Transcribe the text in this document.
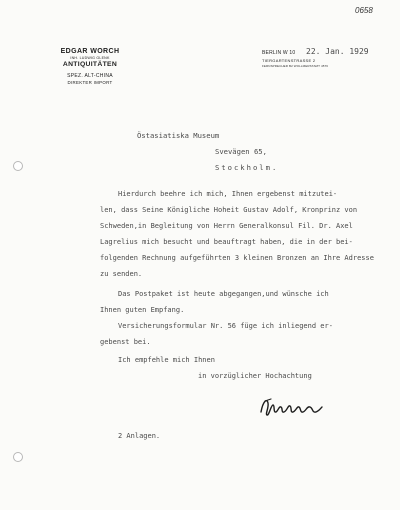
0658
EDGAR WORCH
INH. LUDWIG GLENK
ANTIQUITÄTEN
SPEZ. ALT-CHINA
DIREKTER IMPORT
BERLIN W 10 22. Jan. 1929
TIERGARTENSTRASSE 2
FERNSPRECHER B2 WOLLMERSTAMT 4576
Östasiatiska Museum
Svevägen 65,
Stockholm.
Hierdurch beehre ich mich, Ihnen ergebenst mitzutei-
len, dass Seine Königliche Hoheit Gustav Adolf, Kronprinz von
Schweden,in Begleitung von Herrn Generalkonsul Fil. Dr. Axel
Lagrelius mich besucht und beauftragt haben, die in der bei-
folgenden Rechnung aufgeführten 3 kleinen Bronzen an Ihre Adresse
zu senden.
Das Postpaket ist heute abgegangen,und wünsche ich
Ihnen guten Empfang.
Versicherungsformular Nr. 56 füge ich inliegend er-
gebenst bei.
Ich empfehle mich Ihnen
in vorzüglicher Hochachtung
2 Anlagen.
